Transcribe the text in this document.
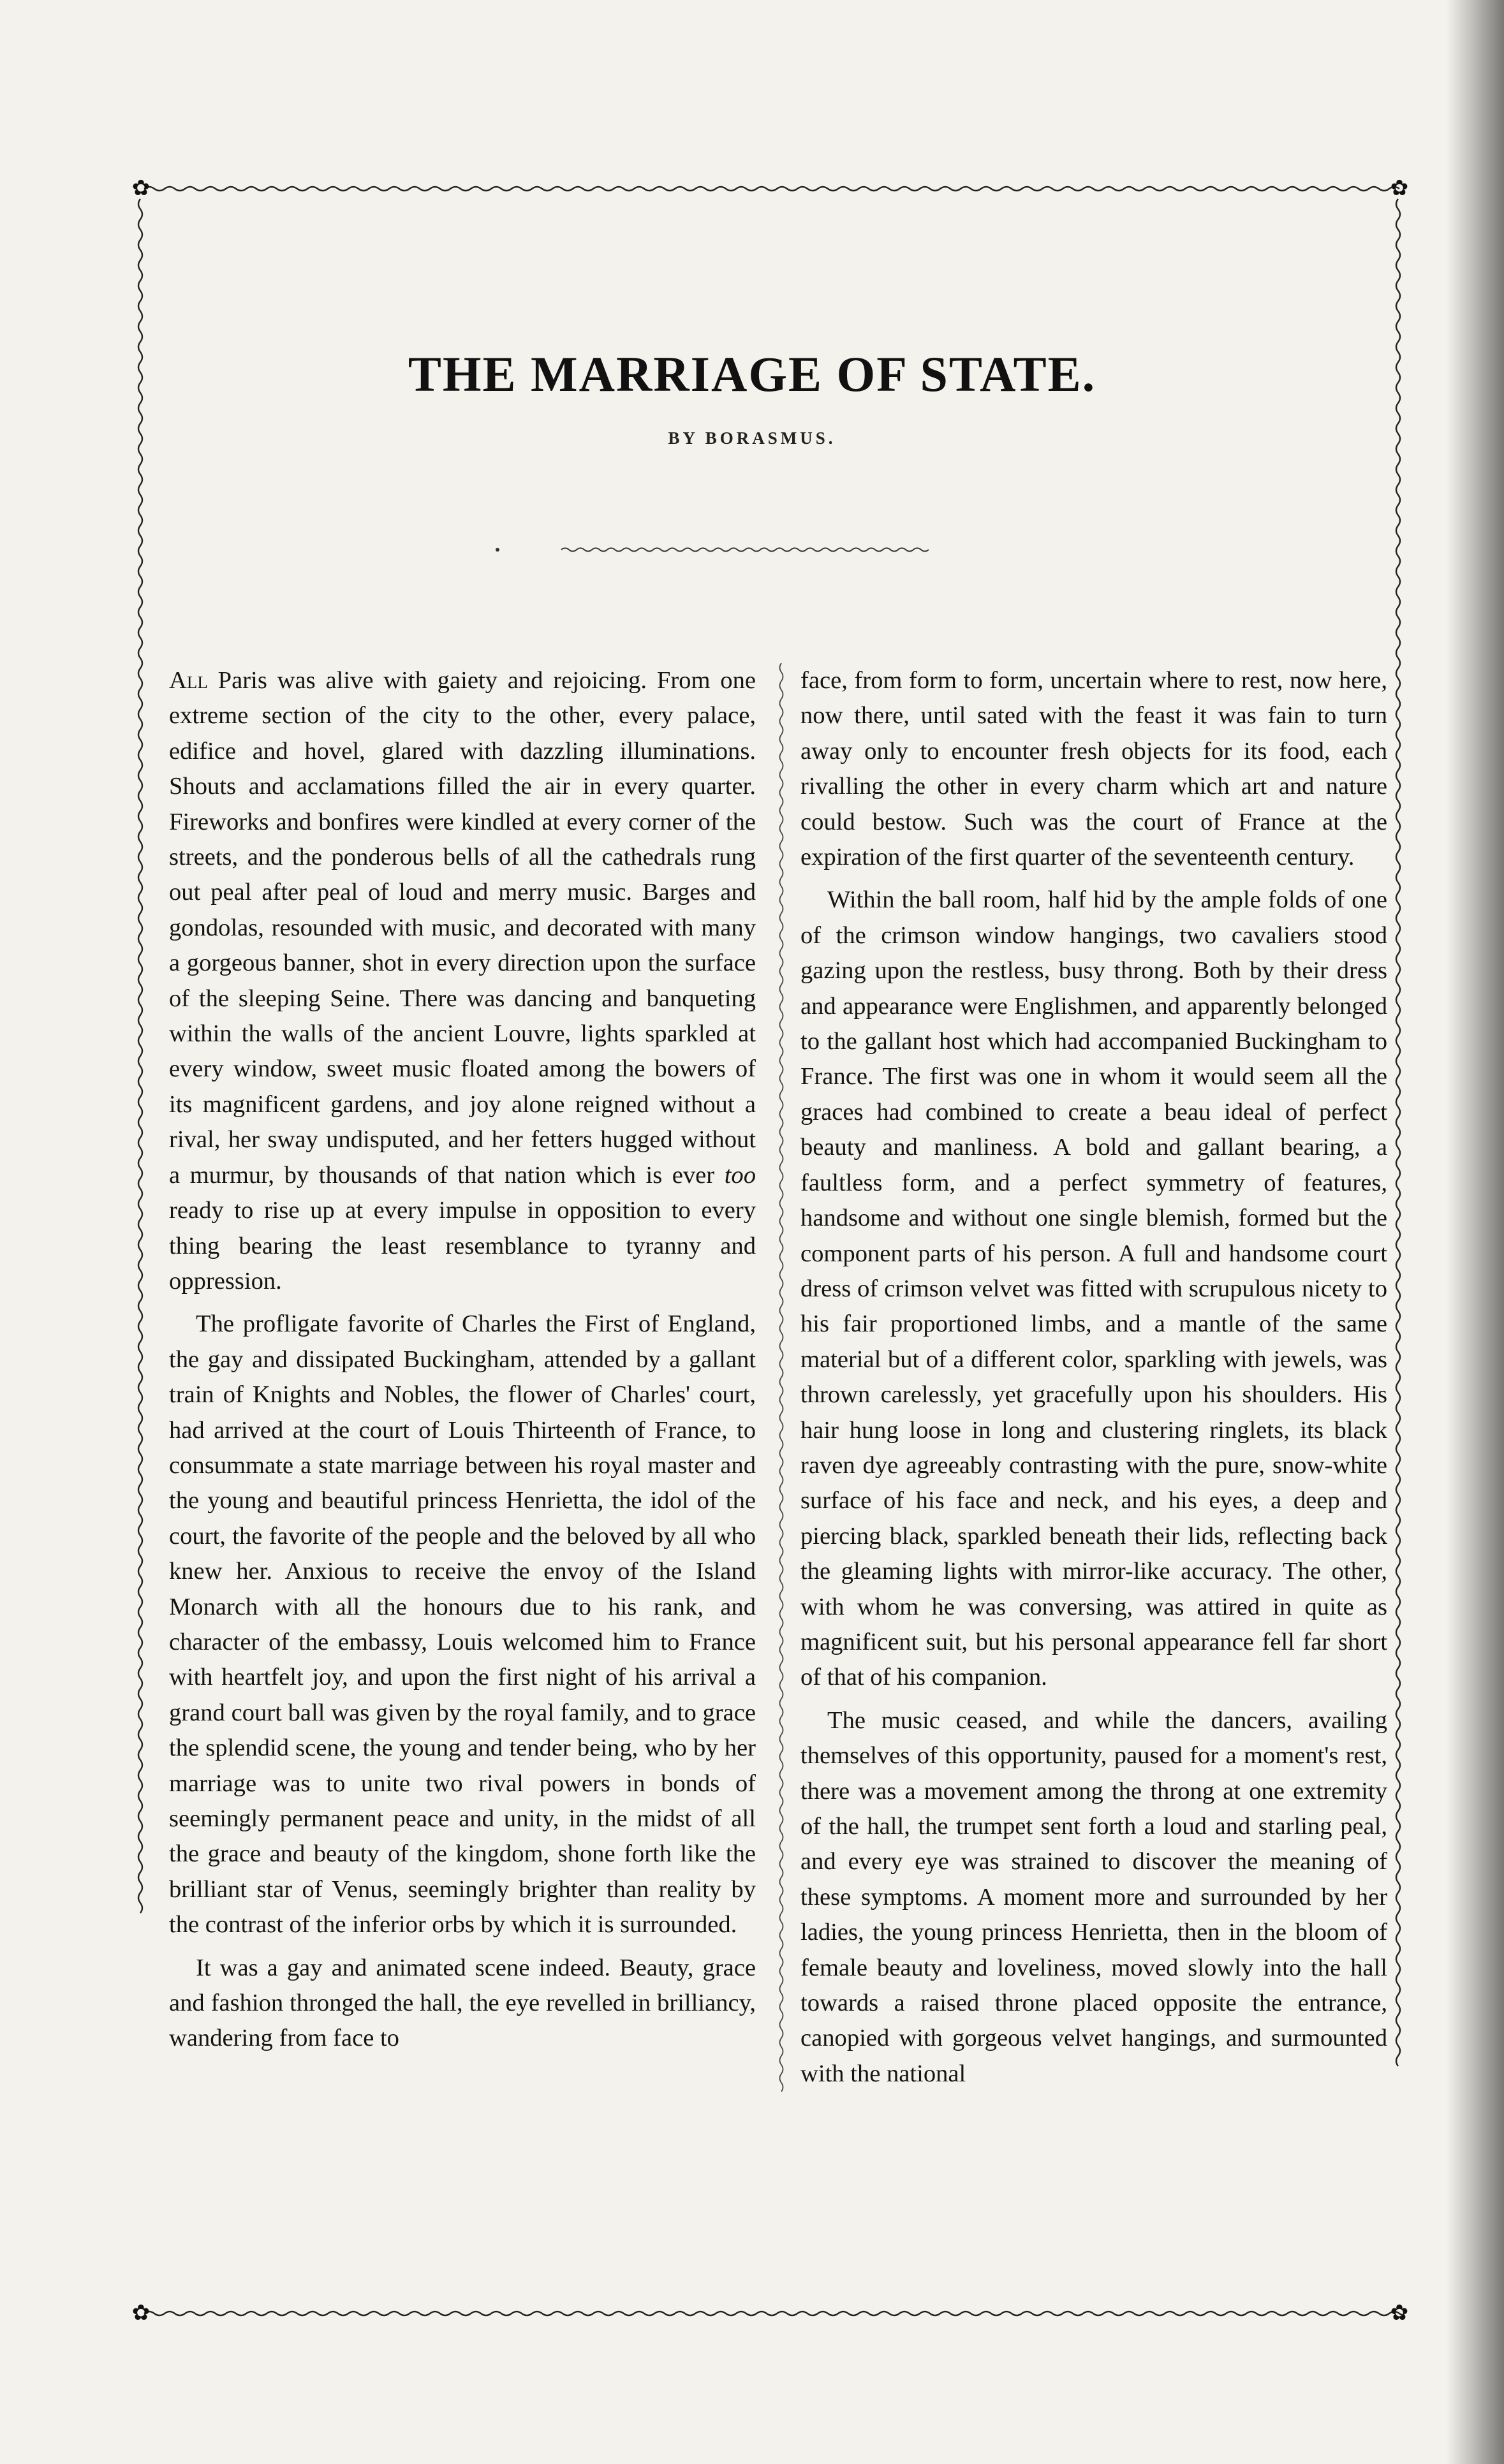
✿	✿
✿	✿
THE MARRIAGE OF STATE.
BY BORASMUS.

All Paris was alive with gaiety and rejoicing. From one extreme section of the city to the other, every palace, edifice and hovel, glared with dazzling illuminations. Shouts and acclamations filled the air in every quarter. Fireworks and bonfires were kindled at every corner of the streets, and the ponderous bells of all the cathedrals rung out peal after peal of loud and merry music. Barges and gondolas, resounded with music, and decorated with many a gorgeous banner, shot in every direction upon the surface of the sleeping Seine. There was dancing and banqueting within the walls of the ancient Louvre, lights sparkled at every window, sweet music floated among the bowers of its magnificent gardens, and joy alone reigned without a rival, her sway undisputed, and her fetters hugged without a murmur, by thousands of that nation which is ever too ready to rise up at every impulse in opposition to every thing bearing the least resemblance to tyranny and oppression.

The profligate favorite of Charles the First of England, the gay and dissipated Buckingham, attended by a gallant train of Knights and Nobles, the flower of Charles' court, had arrived at the court of Louis Thirteenth of France, to consummate a state marriage between his royal master and the young and beautiful princess Henrietta, the idol of the court, the favorite of the people and the beloved by all who knew her. Anxious to receive the envoy of the Island Monarch with all the honours due to his rank, and character of the embassy, Louis welcomed him to France with heartfelt joy, and upon the first night of his arrival a grand court ball was given by the royal family, and to grace the splendid scene, the young and tender being, who by her marriage was to unite two rival powers in bonds of seemingly permanent peace and unity, in the midst of all the grace and beauty of the kingdom, shone forth like the brilliant star of Venus, seemingly brighter than reality by the contrast of the inferior orbs by which it is surrounded.

It was a gay and animated scene indeed. Beauty, grace and fashion thronged the hall, the eye revelled in brilliancy, wandering from face to

face, from form to form, uncertain where to rest, now here, now there, until sated with the feast it was fain to turn away only to encounter fresh objects for its food, each rivalling the other in every charm which art and nature could bestow. Such was the court of France at the expiration of the first quarter of the seventeenth century.

Within the ball room, half hid by the ample folds of one of the crimson window hangings, two cavaliers stood gazing upon the restless, busy throng. Both by their dress and appearance were Englishmen, and apparently belonged to the gallant host which had accompanied Buckingham to France. The first was one in whom it would seem all the graces had combined to create a beau ideal of perfect beauty and manliness. A bold and gallant bearing, a faultless form, and a perfect symmetry of features, handsome and without one single blemish, formed but the component parts of his person. A full and handsome court dress of crimson velvet was fitted with scrupulous nicety to his fair proportioned limbs, and a mantle of the same material but of a different color, sparkling with jewels, was thrown carelessly, yet gracefully upon his shoulders. His hair hung loose in long and clustering ringlets, its black raven dye agreeably contrasting with the pure, snow-white surface of his face and neck, and his eyes, a deep and piercing black, sparkled beneath their lids, reflecting back the gleaming lights with mirror-like accuracy. The other, with whom he was conversing, was attired in quite as magnificent suit, but his personal appearance fell far short of that of his companion.

The music ceased, and while the dancers, availing themselves of this opportunity, paused for a moment's rest, there was a movement among the throng at one extremity of the hall, the trumpet sent forth a loud and starling peal, and every eye was strained to discover the meaning of these symptoms. A moment more and surrounded by her ladies, the young princess Henrietta, then in the bloom of female beauty and loveliness, moved slowly into the hall towards a raised throne placed opposite the entrance, canopied with gorgeous velvet hangings, and surmounted with the national
